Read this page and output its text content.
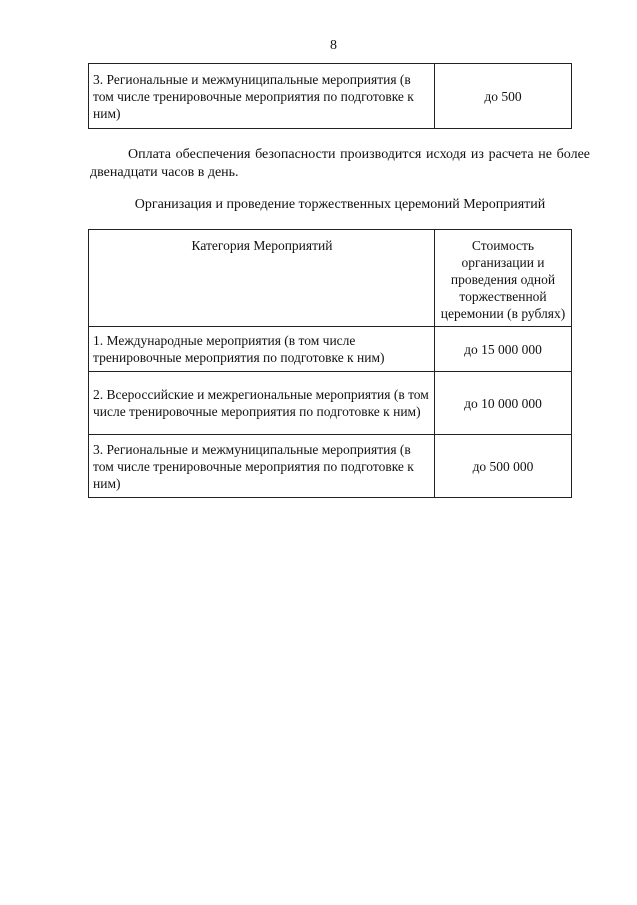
8
3. Региональные и межмуниципальные мероприятия (в том числе тренировочные мероприятия по подготовке к ним)	до 500

Оплата обеспечения безопасности производится исходя из расчета не более двенадцати часов в день.

Организация и проведение торжественных церемоний Мероприятий

Категория Мероприятий	Стоимость организации и проведения одной торжественной церемонии (в рублях)
1. Международные мероприятия (в том числе тренировочные мероприятия по подготовке к ним)	до 15 000 000
2. Всероссийские и межрегиональные мероприятия (в том числе тренировочные мероприятия по подготовке к ним)	до 10 000 000
3. Региональные и межмуниципальные мероприятия (в том числе тренировочные мероприятия по подготовке к ним)	до 500 000
